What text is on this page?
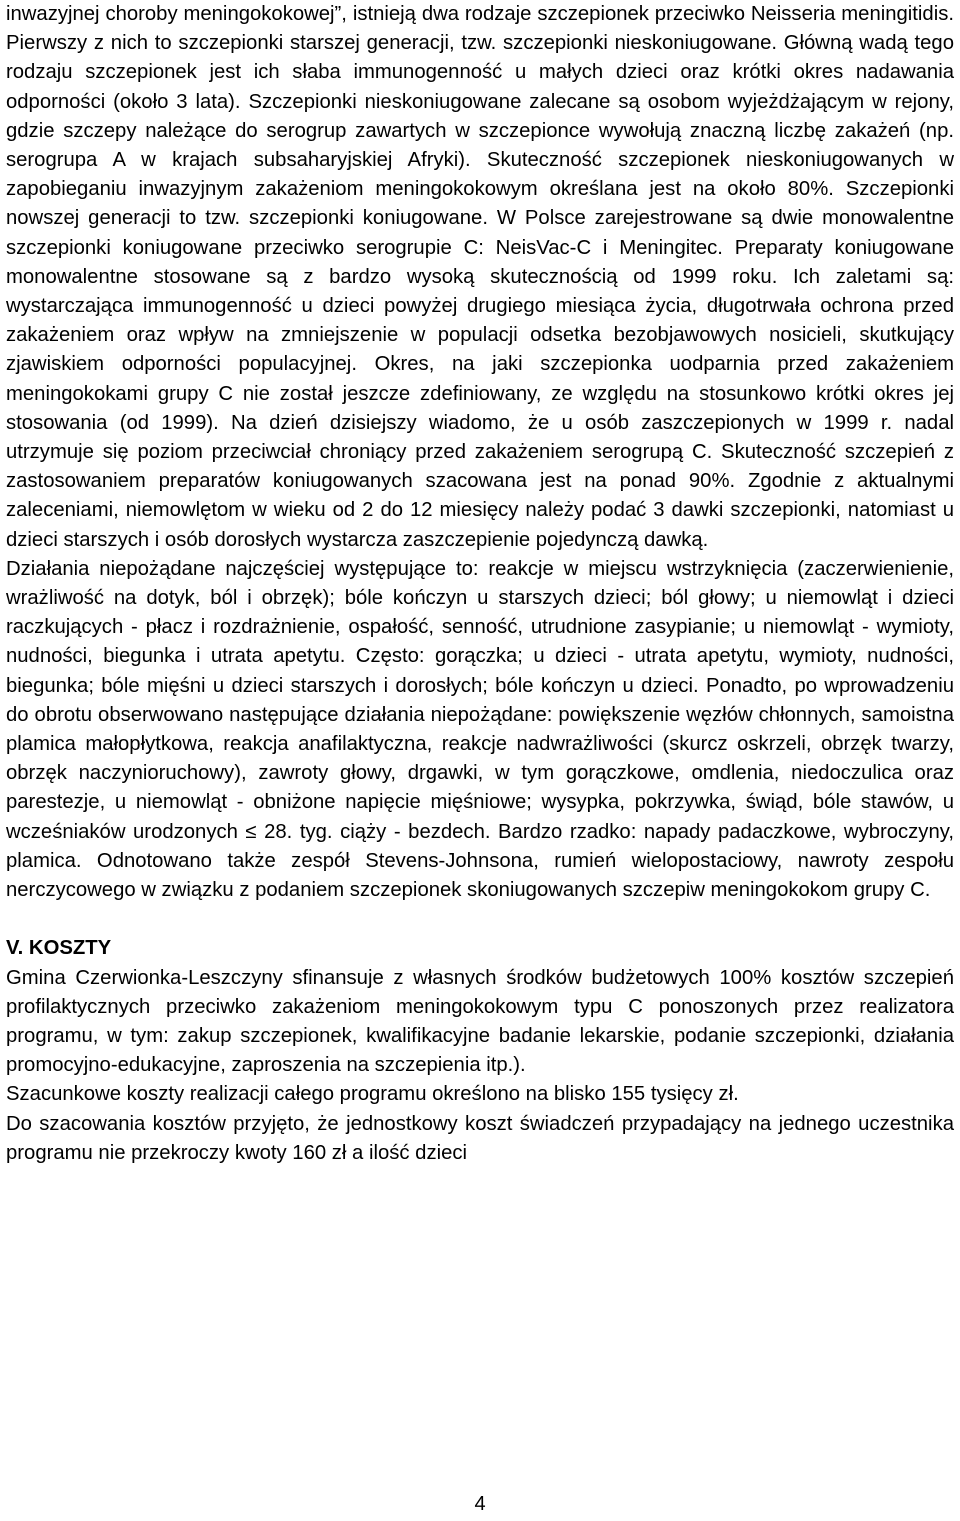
inwazyjnej choroby meningokokowej”, istnieją dwa rodzaje szczepionek przeciwko Neisseria meningitidis. Pierwszy z nich to szczepionki starszej generacji, tzw. szczepionki nieskoniugowane. Główną wadą tego rodzaju szczepionek jest ich słaba immunogenność u małych dzieci oraz krótki okres nadawania odporności (około 3 lata). Szczepionki nieskoniugowane zalecane są osobom wyjeżdżającym w rejony, gdzie szczepy należące do serogrup zawartych w szczepionce wywołują znaczną liczbę zakażeń (np. serogrupa A w krajach subsaharyjskiej Afryki). Skuteczność szczepionek nieskoniugowanych w zapobieganiu inwazyjnym zakażeniom meningokokowym określana jest na około 80%. Szczepionki nowszej generacji to tzw. szczepionki koniugowane. W Polsce zarejestrowane są dwie monowalentne szczepionki koniugowane przeciwko serogrupie C: NeisVac-C i Meningitec. Preparaty koniugowane monowalentne stosowane są z bardzo wysoką skutecznością od 1999 roku. Ich zaletami są: wystarczająca immunogenność u dzieci powyżej drugiego miesiąca życia, długotrwała ochrona przed zakażeniem oraz wpływ na zmniejszenie w populacji odsetka bezobjawowych nosicieli, skutkujący zjawiskiem odporności populacyjnej. Okres, na jaki szczepionka uodparnia przed zakażeniem meningokokami grupy C nie został jeszcze zdefiniowany, ze względu na stosunkowo krótki okres jej stosowania (od 1999). Na dzień dzisiejszy wiadomo, że u osób zaszczepionych w 1999 r. nadal utrzymuje się poziom przeciwciał chroniący przed zakażeniem serogrupą C. Skuteczność szczepień z zastosowaniem preparatów koniugowanych szacowana jest na ponad 90%. Zgodnie z aktualnymi zaleceniami, niemowlętom w wieku od 2 do 12 miesięcy należy podać 3 dawki szczepionki, natomiast u dzieci starszych i osób dorosłych wystarcza zaszczepienie pojedynczą dawką.

Działania niepożądane najczęściej występujące to: reakcje w miejscu wstrzyknięcia (zaczerwienienie, wrażliwość na dotyk, ból i obrzęk); bóle kończyn u starszych dzieci; ból głowy; u niemowląt i dzieci raczkujących - płacz i rozdrażnienie, ospałość, senność, utrudnione zasypianie; u niemowląt - wymioty, nudności, biegunka i utrata apetytu. Często: gorączka; u dzieci - utrata apetytu, wymioty, nudności, biegunka; bóle mięśni u dzieci starszych i dorosłych; bóle kończyn u dzieci. Ponadto, po wprowadzeniu do obrotu obserwowano następujące działania niepożądane: powiększenie węzłów chłonnych, samoistna plamica małopłytkowa, reakcja anafilaktyczna, reakcje nadwrażliwości (skurcz oskrzeli, obrzęk twarzy, obrzęk naczynioruchowy), zawroty głowy, drgawki, w tym gorączkowe, omdlenia, niedoczulica oraz parestezje, u niemowląt - obniżone napięcie mięśniowe; wysypka, pokrzywka, świąd, bóle stawów, u wcześniaków urodzonych ≤ 28. tyg. ciąży - bezdech. Bardzo rzadko: napady padaczkowe, wybroczyny, plamica. Odnotowano także zespół Stevens-Johnsona, rumień wielopostaciowy, nawroty zespołu nerczycowego w związku z podaniem szczepionek skoniugowanych szczepiw meningokokom grupy C.

V. KOSZTY

Gmina Czerwionka-Leszczyny sfinansuje z własnych środków budżetowych 100% kosztów szczepień profilaktycznych przeciwko zakażeniom meningokokowym typu C ponoszonych przez realizatora programu, w tym: zakup szczepionek, kwalifikacyjne badanie lekarskie, podanie szczepionki, działania promocyjno-edukacyjne, zaproszenia na szczepienia itp.).

Szacunkowe koszty realizacji całego programu określono na blisko 155 tysięcy zł.

Do szacowania kosztów przyjęto, że jednostkowy koszt świadczeń przypadający na jednego uczestnika programu nie przekroczy kwoty 160 zł a ilość dzieci

4
